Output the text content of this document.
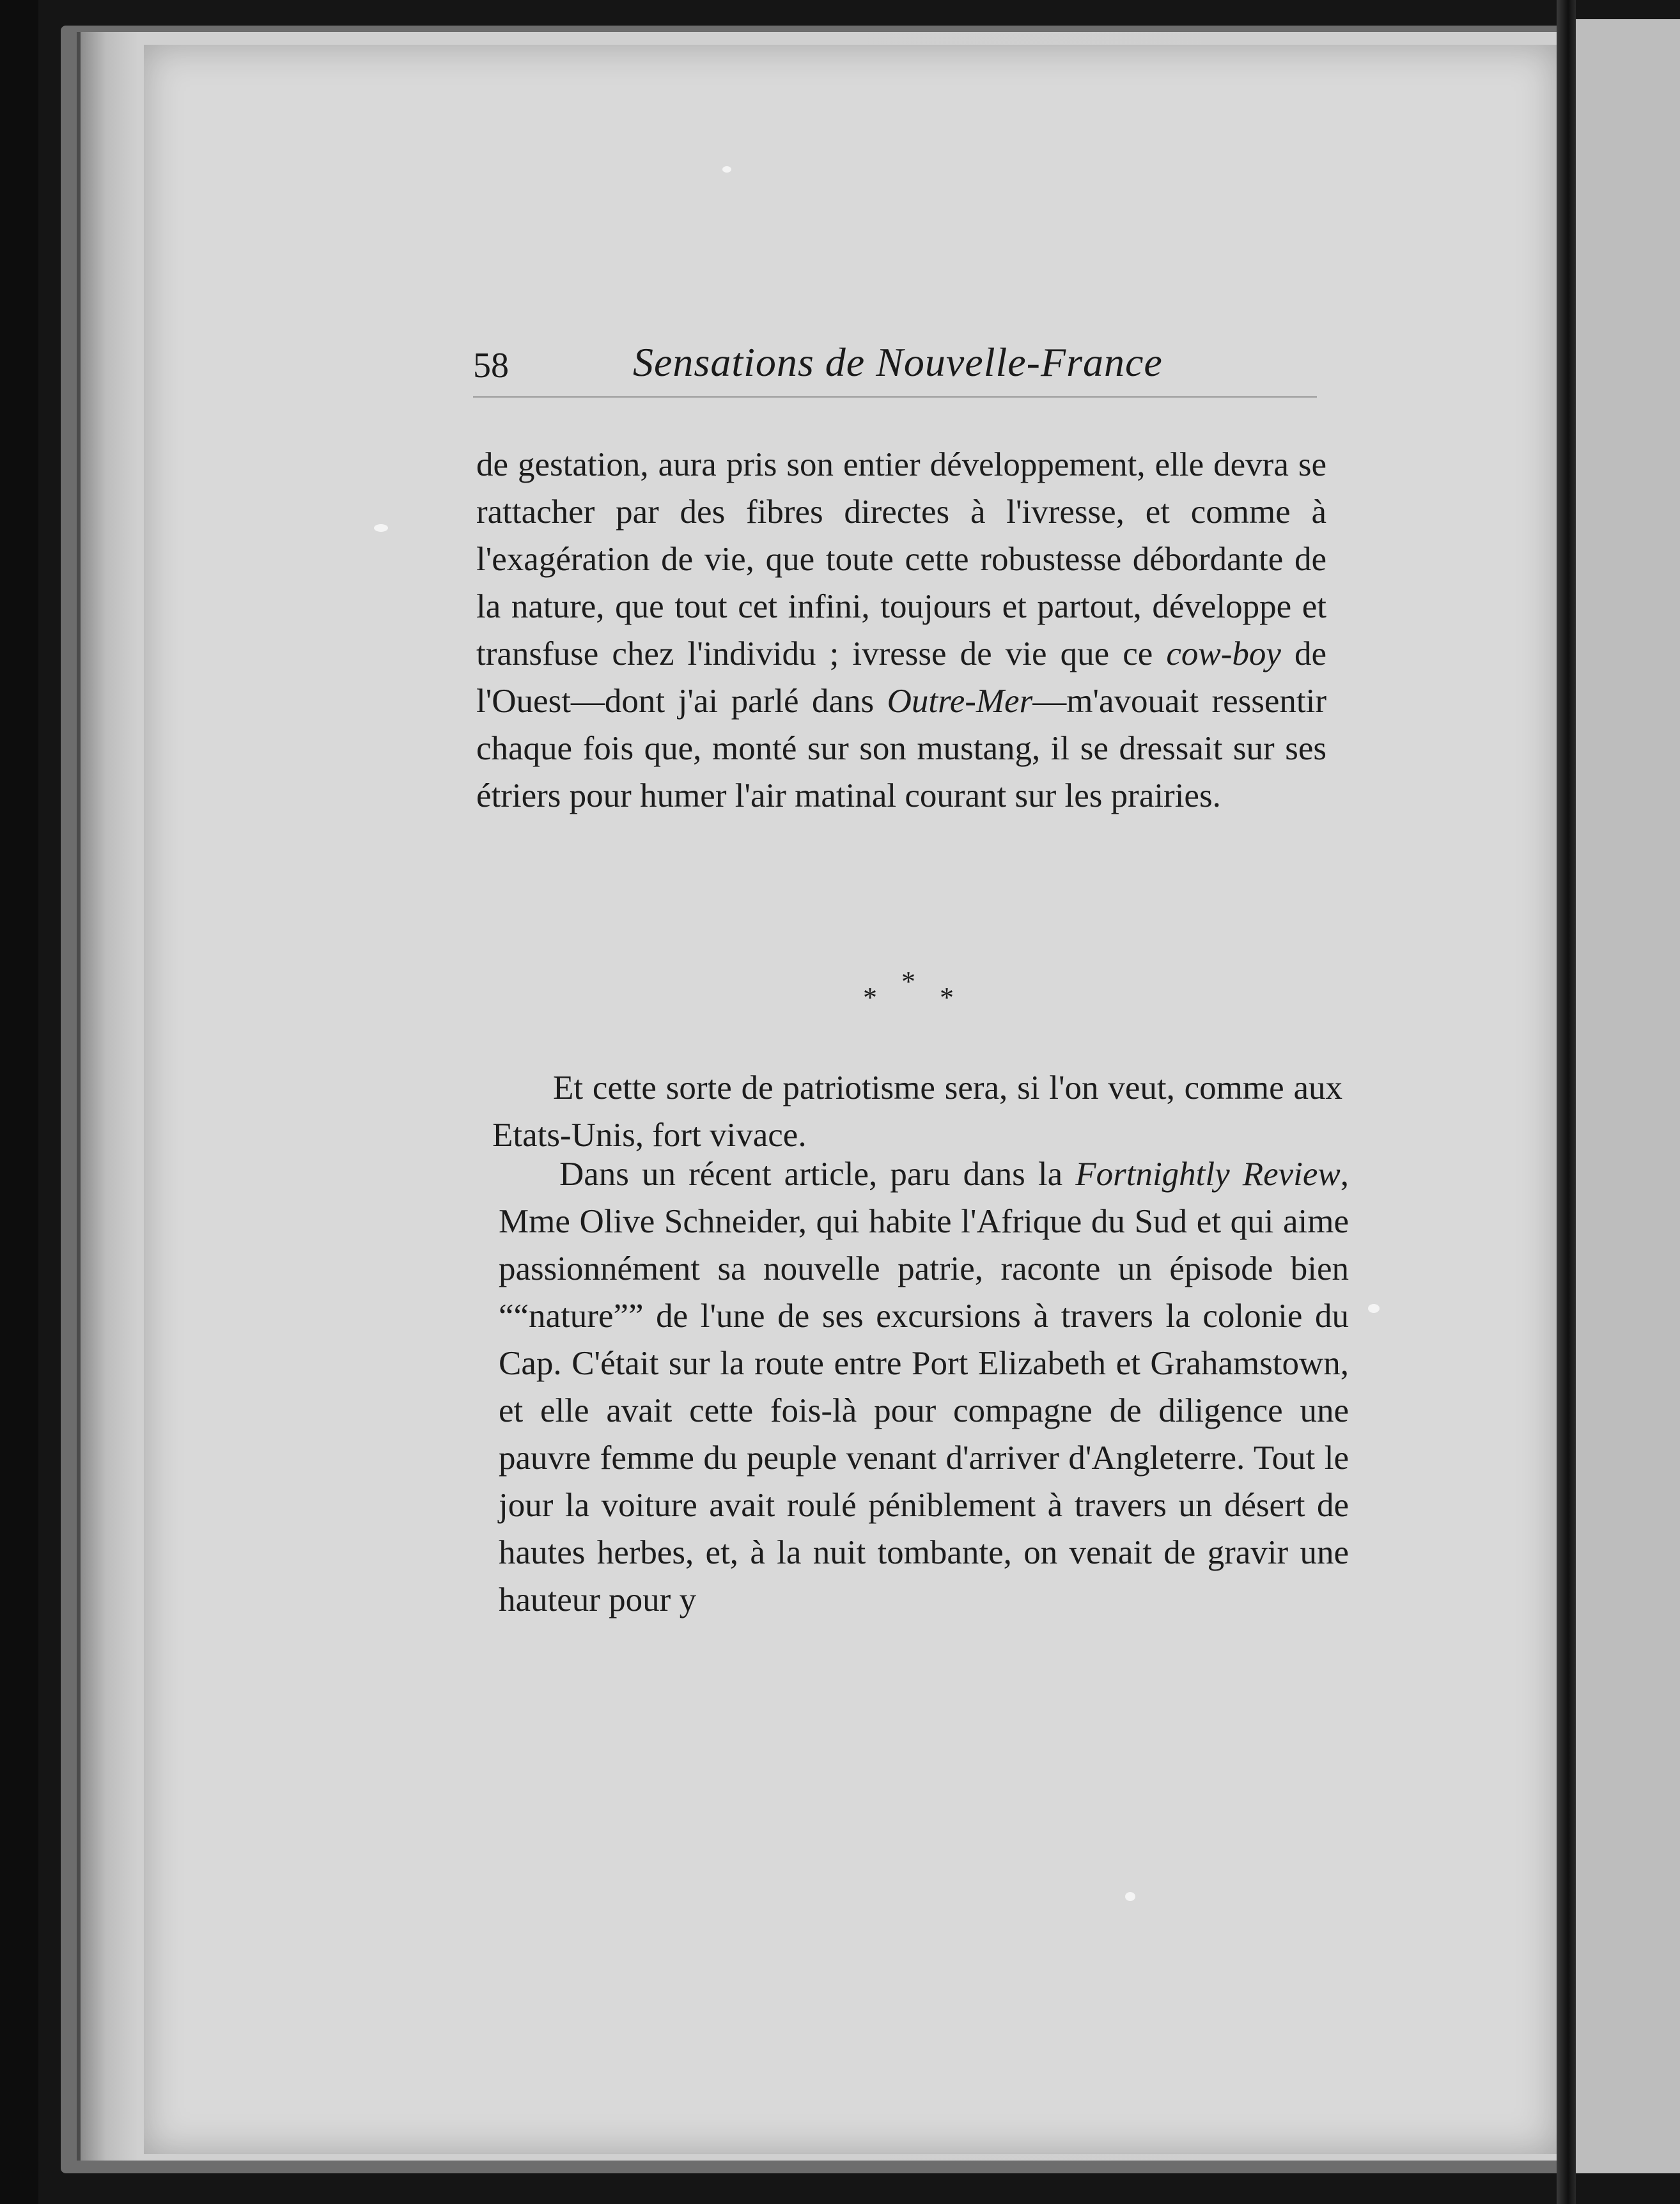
58	Sensations de Nouvelle-France

de gestation, aura pris son entier développement, elle devra se rattacher par des fibres directes à l'ivresse, et comme à l'exagération de vie, que toute cette robustesse débordante de la nature, que tout cet infini, toujours et partout, développe et transfuse chez l'individu ; ivresse de vie que ce cow-boy de l'Ouest—dont j'ai parlé dans Outre-Mer—m'avouait ressentir chaque fois que, monté sur son mustang, il se dressait sur ses étriers pour humer l'air matinal courant sur les prairies.

*
*
*

Et cette sorte de patriotisme sera, si l'on veut, comme aux Etats-Unis, fort vivace.

Dans un récent article, paru dans la Fortnightly Review, Mme Olive Schneider, qui habite l'Afrique du Sud et qui aime passionnément sa nouvelle patrie, raconte un épisode bien ““nature”” de l'une de ses excursions à travers la colonie du Cap. C'était sur la route entre Port Elizabeth et Grahamstown, et elle avait cette fois-là pour compagne de diligence une pauvre femme du peuple venant d'arriver d'Angleterre. Tout le jour la voiture avait roulé péniblement à travers un désert de hautes herbes, et, à la nuit tombante, on venait de gravir une hauteur pour y
